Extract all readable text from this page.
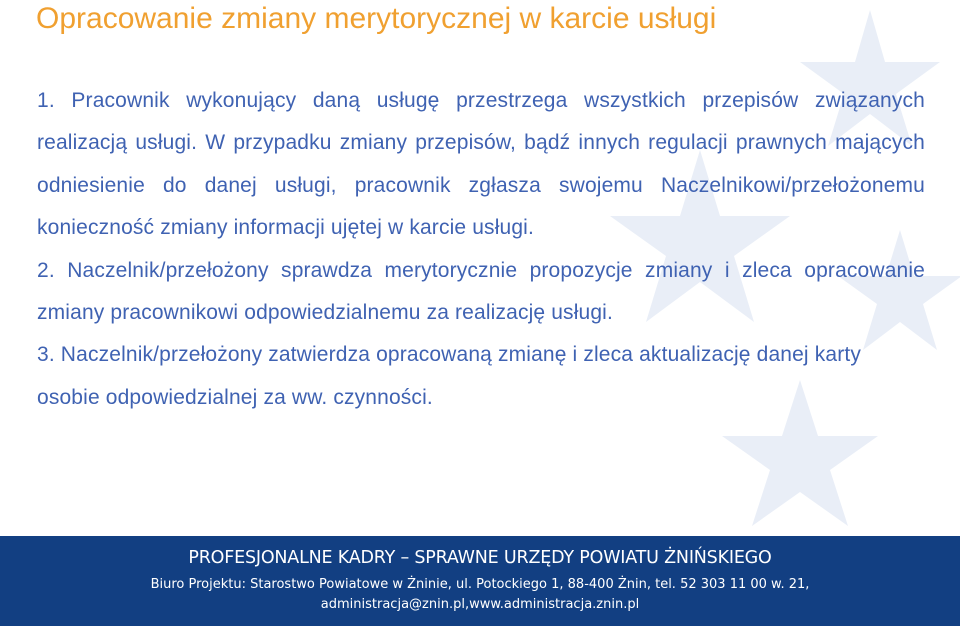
Opracowanie zmiany merytorycznej w karcie usługi

1. Pracownik wykonujący daną usługę przestrzega wszystkich przepisów związanych realizacją usługi. W przypadku zmiany przepisów, bądź innych regulacji prawnych mających odniesienie do danej usługi, pracownik zgłasza swojemu Naczelnikowi/przełożonemu konieczność zmiany informacji ujętej w karcie usługi.

2. Naczelnik/przełożony sprawdza merytorycznie propozycje zmiany i zleca opracowanie zmiany pracownikowi odpowiedzialnemu za realizację usługi.

3. Naczelnik/przełożony zatwierdza opracowaną zmianę i zleca aktualizację danej karty osobie odpowiedzialnej za ww. czynności.

PROFESJONALNE KADRY – SPRAWNE URZĘDY POWIATU ŻNIŃSKIEGO
Biuro Projektu: Starostwo Powiatowe w Żninie, ul. Potockiego 1, 88-400 Żnin, tel. 52 303 11 00 w. 21,
administracja@znin.pl,www.administracja.znin.pl
